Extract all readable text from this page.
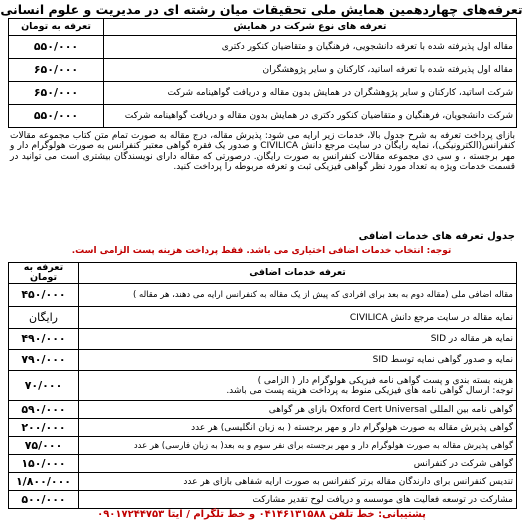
تعرفه‌های چهاردهمین همایش ملی تحقیقات میان رشته ای در مدیریت و علوم انسانی
تعرفه های نوع شرکت در همایش	تعرفه به تومان
مقاله اول پذیرفته شده با تعرفه دانشجویی، فرهنگیان و متقاضیان کنکور دکتری	۵۵۰/۰۰۰
مقاله اول پذیرفته شده با تعرفه اساتید، کارکنان و سایر پژوهشگران	۶۵۰/۰۰۰
شرکت اساتید، کارکنان و سایر پژوهشگران در همایش بدون مقاله و دریافت گواهینامه شرکت	۶۵۰/۰۰۰
شرکت دانشجویان، فرهنگیان و متقاضیان کنکور دکتری در همایش بدون مقاله و دریافت گواهینامه شرکت	۵۵۰/۰۰۰
بازای پرداخت تعرفه به شرح جدول بالا، خدمات زیر ارایه می شود: پذیرش مقاله، درج مقاله به صورت تمام متن کتاب مجموعه مقالات کنفرانس(الکترونیکی)، نمایه رایگان در سایت مرجع دانش CIVILICA و صدور یک فقره گواهی معتبر کنفرانس به صورت هولوگرام دار و مهر برجسته ، و سی دی مجموعه مقالات کنفرانس به صورت رایگان. درصورتی که مقاله دارای نویسندگان بیشتری است می توانید در قسمت خدمات ویژه به تعداد مورد نظر گواهی فیزیکی ثبت و تعرفه مربوطه را پرداخت کنید.
جدول تعرفه های خدمات اضافی
توجه: انتخاب خدمات اضافی اختیاری می باشد. فقط پرداخت هزینه پست الزامی است.
تعرفه خدمات اضافی	تعرفه به تومان
مقاله اضافی ملی (مقاله دوم به بعد برای افرادی که پیش از یک مقاله به کنفرانس ارایه می دهند، هر مقاله )	۴۵۰/۰۰۰
نمایه مقاله در سایت مرجع دانش CIVILICA	رایگان
نمایه هر مقاله در SID	۴۹۰/۰۰۰
نمایه و صدور گواهی نمایه توسط SID	۷۹۰/۰۰۰

هزینه بسته بندی و پست گواهی نامه فیزیکی هولوگرام دار ( الزامی )
توجه: ارسال گواهی نامه های فیزیکی منوط به پرداخت هزینه پست می باشد.	۷۰/۰۰۰
گواهی نامه بین المللی Oxford Cert Universal بازای هر گواهی	۵۹۰/۰۰۰
گواهی پذیرش مقاله به صورت هولوگرام دار و مهر برجسته ( به زبان انگلیسی) هر عدد	۲۰۰/۰۰۰
گواهی پذیرش مقاله به صورت هولوگرام دار و مهر برجسته برای نفر سوم و به بعد( به زبان فارسی) هر عدد	۷۵/۰۰۰
گواهی شرکت در کنفرانس	۱۵۰/۰۰۰
تندیس کنفرانس برای دارندگان مقاله برتر کنفرانس به صورت ارایه شفاهی بازای هر عدد	۱/۸۰۰/۰۰۰
مشارکت در توسعه فعالیت های موسسه و دریافت لوح تقدیر مشارکت	۵۰۰/۰۰۰
پشتیبانی: خط تلفن ۰۴۱۴۶۱۳۱۵۸۸ و خط تلگرام / ایتا ۰۹۰۱۷۲۴۴۷۵۳
